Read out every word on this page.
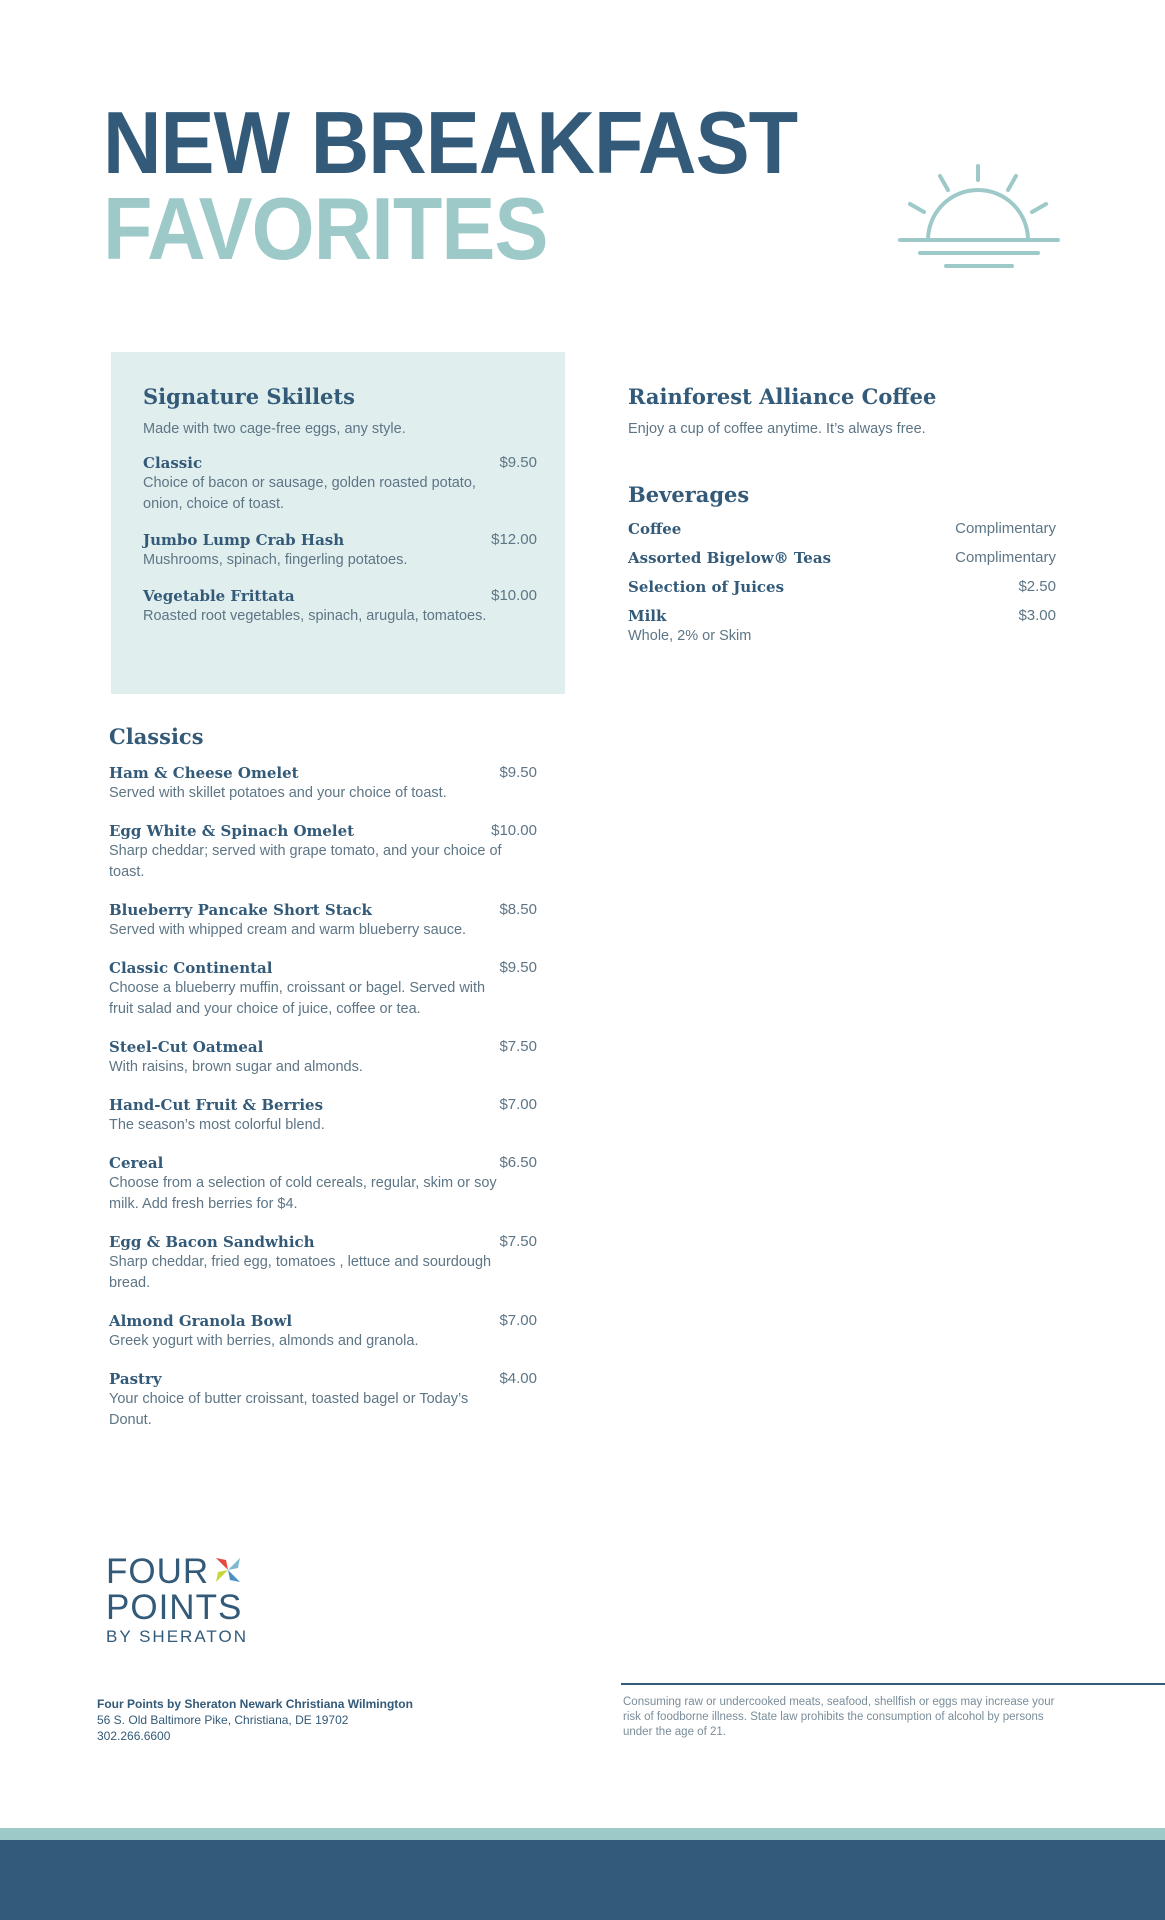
NEW BREAKFAST
FAVORITES
Signature Skillets

Made with two cage-free eggs, any style.

Classic	$9.50
Choice of bacon or sausage, golden roasted potato, onion, choice of toast.
Jumbo Lump Crab Hash	$12.00
Mushrooms, spinach, fingerling potatoes.
Vegetable Frittata	$10.00
Roasted root vegetables, spinach, arugula, tomatoes.
Classics
Ham & Cheese Omelet	$9.50
Served with skillet potatoes and your choice of toast.
Egg White & Spinach Omelet	$10.00
Sharp cheddar; served with grape tomato, and your choice of toast.
Blueberry Pancake Short Stack	$8.50
Served with whipped cream and warm blueberry sauce.
Classic Continental	$9.50
Choose a blueberry muffin, croissant or bagel. Served with fruit salad and your choice of juice, coffee or tea.
Steel-Cut Oatmeal	$7.50
With raisins, brown sugar and almonds.
Hand-Cut Fruit & Berries	$7.00
The season’s most colorful blend.
Cereal	$6.50
Choose from a selection of cold cereals, regular, skim or soy milk. Add fresh berries for $4.
Egg & Bacon Sandwhich	$7.50
Sharp cheddar, fried egg, tomatoes , lettuce and sourdough bread.
Almond Granola Bowl	$7.00
Greek yogurt with berries, almonds and granola.
Pastry	$4.00
Your choice of butter croissant, toasted bagel or Today’s Donut.
Rainforest Alliance Coffee

Enjoy a cup of coffee anytime. It’s always free.

Beverages
Coffee	Complimentary
Assorted Bigelow® Teas	Complimentary
Selection of Juices	$2.50
Milk	$3.00
Whole, 2% or Skim
FOUR
POINTS
BY SHERATON
Four Points by Sheraton Newark Christiana Wilmington
56 S. Old Baltimore Pike, Christiana, DE 19702
302.266.6600

Consuming raw or undercooked meats, seafood, shellfish or eggs may increase your risk of foodborne illness. State law prohibits the consumption of alcohol by persons under the age of 21.
